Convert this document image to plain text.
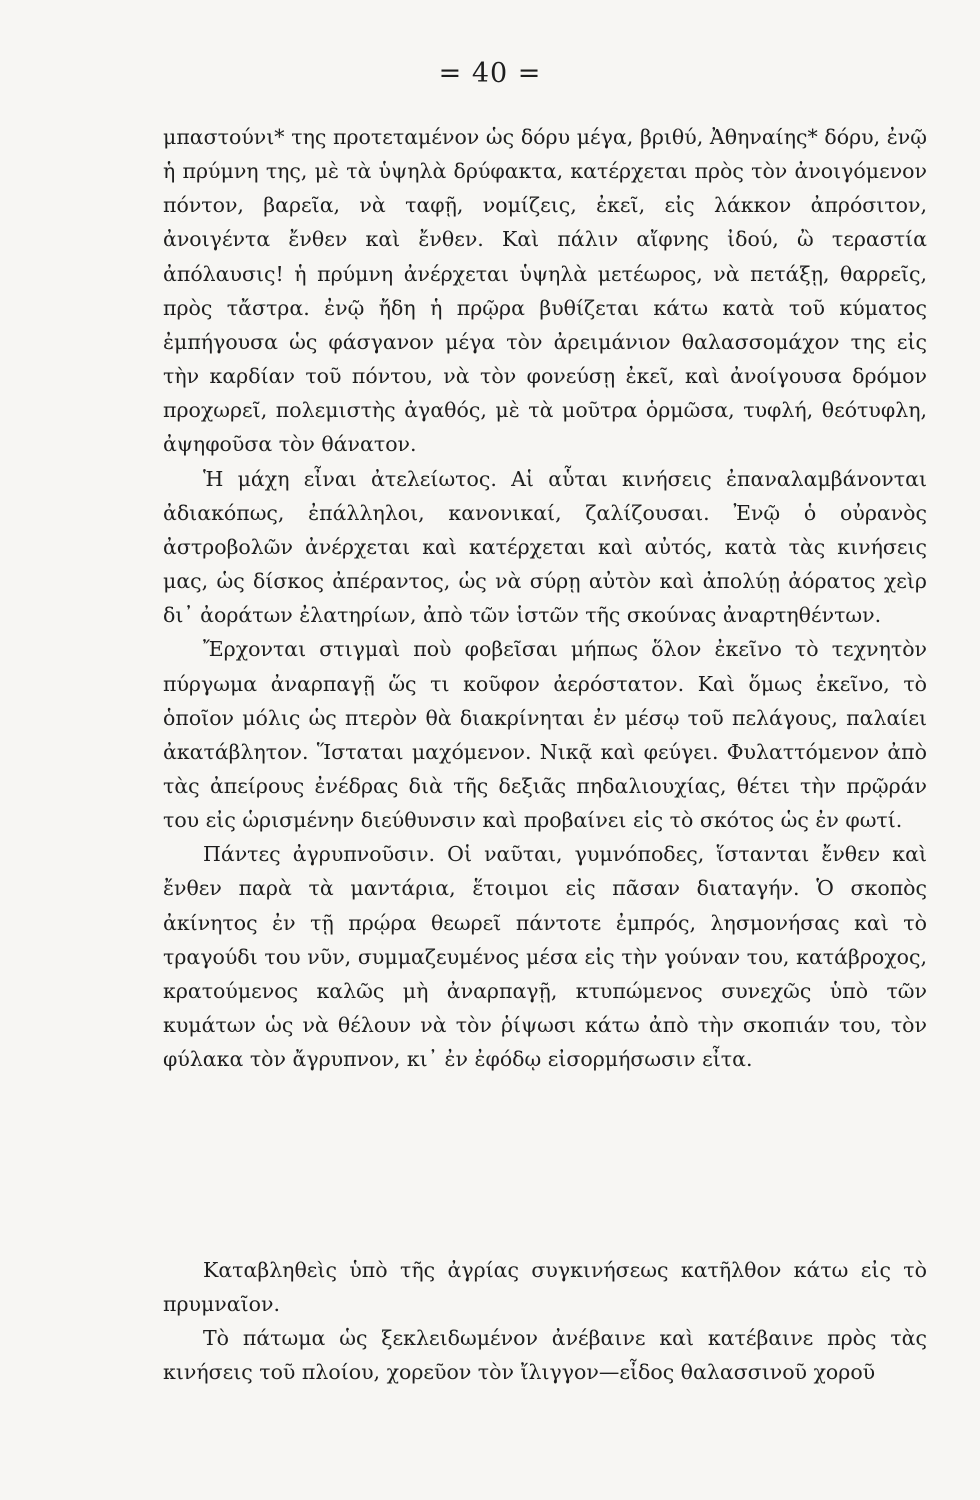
= 40 =

μπαστούνι* της προτεταμένον ὡς δόρυ μέγα, βριθύ, Ἀθηναίης* δόρυ, ἐνῷ ἡ πρύμνη της, μὲ τὰ ὑψηλὰ δρύφακτα, κατέρχεται πρὸς τὸν ἀνοιγόμενον πόντον, βαρεῖα, νὰ ταφῇ, νομίζεις, ἐκεῖ, εἰς λάκκον ἀπρόσιτον, ἀνοιγέντα ἔνθεν καὶ ἔνθεν. Καὶ πάλιν αἴφνης ἰδού, ὢ τεραστία ἀπόλαυσις! ἡ πρύμνη ἀνέρχεται ὑψηλὰ μετέωρος, νὰ πετάξῃ, θαρρεῖς, πρὸς τἄστρα. ἐνῷ ἤδη ἡ πρῷρα βυθίζεται κάτω κατὰ τοῦ κύματος ἐμπήγουσα ὡς φάσγανον μέγα τὸν ἀρειμάνιον θαλασσομάχον της εἰς τὴν καρδίαν τοῦ πόντου, νὰ τὸν φονεύσῃ ἐκεῖ, καὶ ἀνοίγουσα δρόμον προχωρεῖ, πολεμιστὴς ἀγαθός, μὲ τὰ μοῦτρα ὁρμῶσα, τυφλή, θεότυφλη, ἀψηφοῦσα τὸν θάνατον.

Ἡ μάχη εἶναι ἀτελείωτος. Αἱ αὗται κινήσεις ἐπαναλαμβάνονται ἀδιακόπως, ἐπάλληλοι, κανονικαί, ζαλίζουσαι. Ἐνῷ ὁ οὐρανὸς ἀστροβολῶν ἀνέρχεται καὶ κατέρχεται καὶ αὐτός, κατὰ τὰς κινήσεις μας, ὡς δίσκος ἀπέραντος, ὡς νὰ σύρῃ αὐτὸν καὶ ἀπολύῃ ἀόρατος χεὶρ δι᾽ ἀοράτων ἐλατηρίων, ἀπὸ τῶν ἱστῶν τῆς σκούνας ἀναρτηθέντων.

Ἔρχονται στιγμαὶ ποὺ φοβεῖσαι μήπως ὅλον ἐκεῖνο τὸ τεχνητὸν πύργωμα ἀναρπαγῇ ὥς τι κοῦφον ἀερόστατον. Καὶ ὅμως ἐκεῖνο, τὸ ὁποῖον μόλις ὡς πτερὸν θὰ διακρίνηται ἐν μέσῳ τοῦ πελάγους, παλαίει ἀκατάβλητον. Ἵσταται μαχόμενον. Νικᾷ καὶ φεύγει. Φυλαττόμενον ἀπὸ τὰς ἀπείρους ἐνέδρας διὰ τῆς δεξιᾶς πηδαλιουχίας, θέτει τὴν πρῷράν του εἰς ὡρισμένην διεύθυνσιν καὶ προβαίνει εἰς τὸ σκότος ὡς ἐν φωτί.

Πάντες ἀγρυπνοῦσιν. Οἱ ναῦται, γυμνόποδες, ἵστανται ἔνθεν καὶ ἔνθεν παρὰ τὰ μαντάρια, ἕτοιμοι εἰς πᾶσαν διαταγήν. Ὁ σκοπὸς ἀκίνητος ἐν τῇ πρῴρα θεωρεῖ πάντοτε ἐμπρός, λησμονήσας καὶ τὸ τραγούδι του νῦν, συμμαζευμένος μέσα εἰς τὴν γούναν του, κατάβροχος, κρατούμενος καλῶς μὴ ἀναρπαγῇ, κτυπώμενος συνεχῶς ὑπὸ τῶν κυμάτων ὡς νὰ θέλουν νὰ τὸν ῥίψωσι κάτω ἀπὸ τὴν σκοπιάν του, τὸν φύλακα τὸν ἄγρυπνον, κι᾽ ἐν ἐφόδῳ εἰσορμήσωσιν εἶτα.

Καταβληθεὶς ὑπὸ τῆς ἀγρίας συγκινήσεως κατῆλθον κάτω εἰς τὸ πρυμναῖον.

Τὸ πάτωμα ὡς ξεκλειδωμένον ἀνέβαινε καὶ κατέβαινε πρὸς τὰς κινήσεις τοῦ πλοίου, χορεῦον τὸν ἴλιγγον—εἶδος θαλασσινοῦ χοροῦ
